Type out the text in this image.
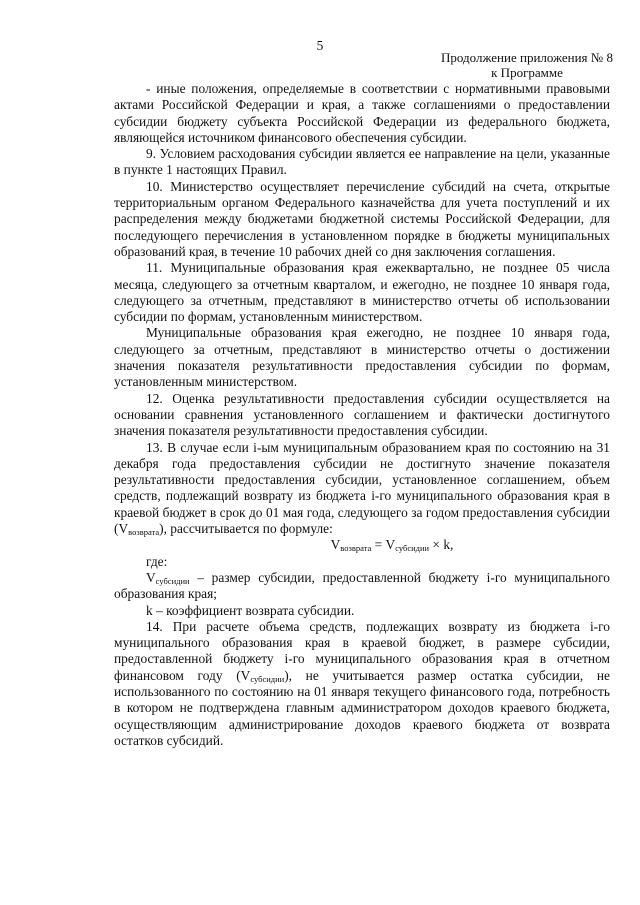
5
Продолжение приложения № 8
к Программе

- иные положения, определяемые в соответствии с нормативными правовыми актами Российской Федерации и края, а также соглашениями о предоставлении субсидии бюджету субъекта Российской Федерации из федерального бюджета, являющейся источником финансового обеспечения субсидии.

9. Условием расходования субсидии является ее направление на цели, указанные в пункте 1 настоящих Правил.

10. Министерство осуществляет перечисление субсидий на счета, открытые территориальным органом Федерального казначейства для учета поступлений и их распределения между бюджетами бюджетной системы Российской Федерации, для последующего перечисления в установленном порядке в бюджеты муниципальных образований края, в течение 10 рабочих дней со дня заключения соглашения.

11. Муниципальные образования края ежеквартально, не позднее 05 числа месяца, следующего за отчетным кварталом, и ежегодно, не позднее 10 января года, следующего за отчетным, представляют в министерство отчеты об использовании субсидии по формам, установленным министерством.

Муниципальные образования края ежегодно, не позднее 10 января года, следующего за отчетным, представляют в министерство отчеты о достижении значения показателя результативности предоставления субсидии по формам, установленным министерством.

12. Оценка результативности предоставления субсидии осуществляется на основании сравнения установленного соглашением и фактически достигнутого значения показателя результативности предоставления субсидии.

13. В случае если i-ым муниципальным образованием края по состоянию на 31 декабря года предоставления субсидии не достигнуто значение показателя результативности предоставления субсидии, установленное соглашением, объем средств, подлежащий возврату из бюджета i-го муниципального образования края в краевой бюджет в срок до 01 мая года, следующего за годом предоставления субсидии $(V_{возврата})$, рассчитывается по формуле:

$V_{возврата} = V_{субсидии} \times k$,

где:

$V_{субсидии}$ – размер субсидии, предоставленной бюджету i-го муниципального образования края;

k – коэффициент возврата субсидии.

14. При расчете объема средств, подлежащих возврату из бюджета i-го муниципального образования края в краевой бюджет, в размере субсидии, предоставленной бюджету i-го муниципального образования края в отчетном финансовом году $(V_{субсидии})$, не учитывается размер остатка субсидии, не использованного по состоянию на 01 января текущего финансового года, потребность в котором не подтверждена главным администратором доходов краевого бюджета, осуществляющим администрирование доходов краевого бюджета от возврата остатков субсидий.
